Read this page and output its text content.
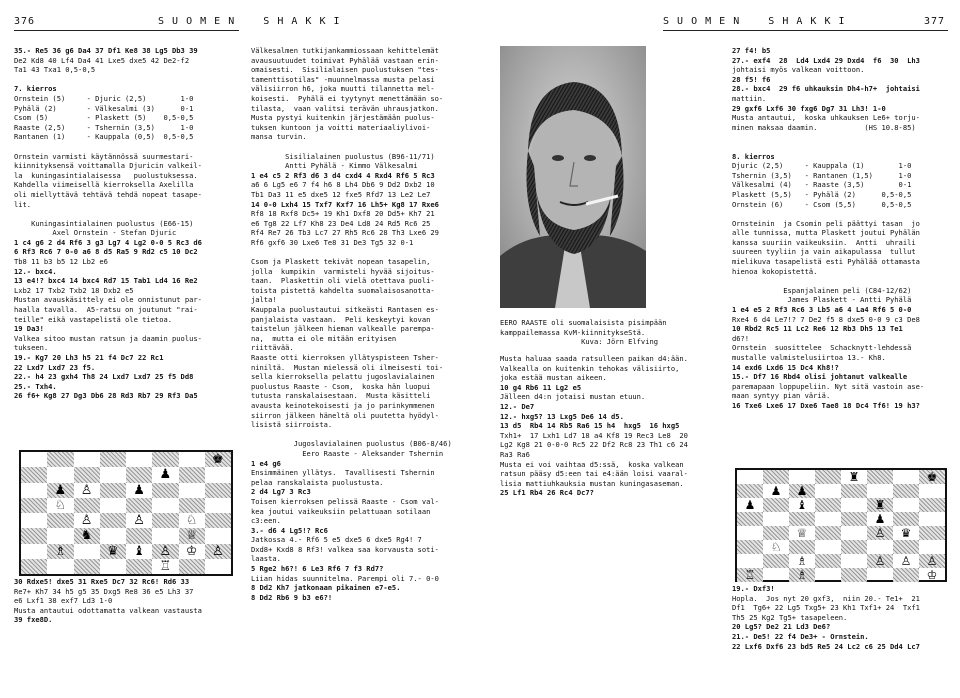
376	S U O M E N    S H A K K I	S U O M E N    S H A K K I	377
35.- Re5 36 g6 Da4 37 Df1 Ke8 38 Lg5 Db3 39
De2 Kd8 40 Lf4 Da4 41 Lxe5 dxe5 42 De2-f2
Ta1 43 Txa1 0,5-0,5
7. kierros
Ornstein (5)     - Djuric (2,5)        1-0
Pyhälä (2)       - Välkesalmi (3)      0-1
Csom (5)         - Plaskett (5)    0,5-0,5
Raaste (2,5)     - Tshernin (3,5)      1-0
Rantanen (1)     - Kauppala (0,5)  0,5-0,5
Ornstein varmisti käytännössä suurmestari-
kiinnityksensä voittamalla Djuricin valkeil-
la  kuningasintialaisessa   puolustuksessa.
Kahdella viimeisellä kierroksella Axelilla
oli miellyttävä tehtävä tehdä nopeat tasape-
lit.
Kuningasintialainen puolustus (E66-15)
Axel Ornstein - Stefan Djuric
1 c4 g6 2 d4 Rf6 3 g3 Lg7 4 Lg2 0-0 5 Rc3 d6
6 Rf3 Rc6 7 0-0 a6 8 d5 Ra5 9 Rd2 c5 10 Dc2
Tb8 11 b3 b5 12 Lb2 e6
12.- bxc4.
13 e4!? bxc4 14 bxc4 Rd7 15 Tab1 Ld4 16 Re2
Lxb2 17 Txb2 Txb2 18 Dxb2 e5
Mustan avauskäsittely ei ole onnistunut par-
haalla tavalla.  A5-ratsu on joutunut "rai-
teille" eikä vastapelistä ole tietoa.
19 Da3!
Valkea sitoo mustan ratsun ja daamin puolus-
tukseen.
19.- Kg7 20 Lh3 h5 21 f4 Dc7 22 Rc1
22 Lxd7 Lxd7 23 f5.
22.- h4 23 gxh4 Th8 24 Lxd7 Lxd7 25 f5 Dd8
25.- Txh4.
26 f6+ Kg8 27 Dg3 Db6 28 Rd3 Rb7 29 Rf3 Da5
♚
♟
♟ ♙	♟
♘
♙	♙	♘
♞	♕
♗	♛ ♝ ♙ ♔ ♙
♖
30 Rdxe5! dxe5 31 Rxe5 Dc7 32 Rc6! Rd6 33
Re7+ Kh7 34 h5 g5 35 Dxg5 Re8 36 e5 Lh3 37
e6 Lxf1 38 exf7 Ld3 1-0
Musta antautui odottamatta valkean vastausta
39 fxe8D.
Välkesalmen tutkijankammiossaan kehittelemät
avausuutuudet toimivat Pyhälää vastaan erin-
omaisesti.  Sisilialaisen puolustuksen "tes-
tamenttisotilas" -muunnelmassa musta pelasi
välisiirron h6, joka muutti tilannetta mel-
koisesti.  Pyhälä ei tyytynyt menettämään so-
tilasta,  vaan valitsi terävän uhrausjatkon.
Musta pystyi kuitenkin järjestämään puolus-
tuksen kuntoon ja voitti materiaaliylivoi-
mansa turvin.
Sisilialainen puolustus (B96-11/71)
Antti Pyhälä - Kimmo Välkesalmi
1 e4 c5 2 Rf3 d6 3 d4 cxd4 4 Rxd4 Rf6 5 Rc3
a6 6 Lg5 e6 7 f4 h6 8 Lh4 Db6 9 Dd2 Dxb2 10
Tb1 Da3 11 e5 dxe5 12 fxe5 Rfd7 13 Le2 Le7
14 0-0 Lxh4 15 Txf7 Kxf7 16 Lh5+ Kg8 17 Rxe6
Rf8 18 Rxf8 Dc5+ 19 Kh1 Dxf8 20 Dd5+ Kh7 21
e6 Tg8 22 Lf7 Kh8 23 De4 Ld8 24 Rd5 Rc6 25
Rf4 Re7 26 Tb3 Lc7 27 Rh5 Rc6 28 Th3 Lxe6 29
Rf6 gxf6 30 Lxe6 Te8 31 De3 Tg5 32 0-1
Csom ja Plaskett tekivät nopean tasapelin,
jolla  kumpikin  varmisteli hyvää sijoitus-
taan.  Plaskettin oli vielä otettava puoli-
toista pistettä kahdelta suomalaisosanotta-
jalta!
Kauppala puolustautui sitkeästi Rantasen es-
panjalaista vastaan.  Peli keskeytyi kovan
taistelun jälkeen hieman valkealle parempa-
na,  mutta ei ole mitään erityisen
riittävää.
Raaste otti kierroksen yllätyspisteen Tsher-
niniltä.  Mustan mielessä oli ilmeisesti toi-
sella kierroksella pelattu jugoslavialainen
puolustus Raaste - Csom,  koska hän luopui
tutusta ranskalaisestaan.  Musta käsitteli
avausta keinotekoisesti ja jo parinkymmenen
siirron jälkeen häneltä oli puutetta hyödyl-
lisistä siirroista.
Jugoslavialainen puolustus (B06-8/46)
Eero Raaste - Aleksander Tshernin
1 e4 g6
Ensimmäinen yllätys.  Tavallisesti Tshernin
pelaa ranskalaista puolustusta.
2 d4 Lg7 3 Rc3
Toisen kierroksen pelissä Raaste - Csom val-
kea joutui vaikeuksiin pelattuaan sotilaan
c3:een.
3.- d6 4 Lg5!? Rc6
Jatkossa 4.- Rf6 5 e5 dxe5 6 dxe5 Rg4! 7
Dxd8+ Kxd8 8 Rf3! valkea saa korvausta soti-
laasta.
5 Rge2 h6?! 6 Le3 Rf6 7 f3 Rd7?
Liian hidas suunnitelma. Parempi oli 7.- 0-0
8 Dd2 Kh7 jatkonaan pikainen e7-e5.
8 Dd2 Rb6 9 b3 e6?!
EERO RAASTE oli suomalaisista pisimpään
kamppailemassa KvM-kiinnitykseStä.
Kuva: Jörn Elfving
Musta haluaa saada ratsulleen paikan d4:ään.
Valkealla on kuitenkin tehokas välisiirto,
joka estää mustan aikeen.
10 g4 Rb6 11 Lg2 e5
Jälleen d4:n jotaisi mustan etuun.
12.- De7
12.- hxg5? 13 Lxg5 De6 14 d5.
13 d5  Rb4 14 Rb5 Ra6 15 h4  hxg5  16 hxg5
Txh1+  17 Lxh1 Ld7 18 a4 Kf8 19 Rec3 Le8  20
Lg2 Kg8 21 0-0-0 Rc5 22 Df2 Rc8 23 Th1 c6 24
Ra3 Ra6
Musta ei voi vaihtaa d5:ssä,  koska valkean
ratsun pääsy d5:een tai e4:ään loisi vaaral-
lisia mattiuhkauksia mustan kuningasaseman.
25 Lf1 Rb4 26 Rc4 Dc7?
27 f4! b5
27.- exf4  28  Ld4 Lxd4 29 Dxd4  f6  30  Lh3
johtaisi myös valkean voittoon.
28 f5! f6
28.- bxc4  29 f6 uhkauksin Dh4-h7+  johtaisi
mattiin.
29 gxf6 Lxf6 30 fxg6 Dg7 31 Lh3! 1-0
Musta antautui,  koska uhkauksen Le6+ torju-
minen maksaa daamin.           (HS 10.8-85)
8. kierros
Djuric (2,5)     - Kauppala (1)        1-0
Tshernin (3,5)   - Rantanen (1,5)      1-0
Välkesalmi (4)   - Raaste (3,5)        0-1
Plaskett (5,5)   - Pyhälä (2)      0,5-0,5
Ornstein (6)     - Csom (5,5)      0,5-0,5
Ornsteinin  ja Csomin peli päättyi tasan  jo
alle tunnissa, mutta Plaskett joutui Pyhälän
kanssa suuriin vaikeuksiin.  Antti  uhraili
suureen tyyliin ja vain aikapulassa  tullut
mielikuva tasapelistä esti Pyhälää ottamasta
hienoa kokopistettä.
Espanjalainen peli (C84-12/62)
James Plaskett - Antti Pyhälä
1 e4 e5 2 Rf3 Rc6 3 Lb5 a6 4 La4 Rf6 5 0-0
Rxe4 6 d4 Le7!? 7 De2 f5 8 dxe5 0-0 9 c3 De8
10 Rbd2 Rc5 11 Lc2 Re6 12 Rb3 Dh5 13 Te1
d6?!
Ornstein  suosittelee  Schacknytt-lehdessä
mustalle valmistelusiirtoa 13.- Kh8.
14 exd6 Lxd6 15 Dc4 Kh8!?
15.- Df7 16 Rbd4 olisi johtanut valkealle
paremapaan loppupeliin. Nyt sitä vastoin ase-
maan syntyy pian väriä.
16 Txe6 Lxe6 17 Dxe6 Tae8 18 Dc4 Tf6! 19 h3?
♜	♚
♟ ♟
♟	♝	♜
♟
♕	♙ ♛
♘
♗	♙ ♙ ♙
♖	♗	♔
19.- Dxf3!
Hopla.  Jos nyt 20 gxf3,  niin 20.- Te1+  21
Df1  Tg6+ 22 Lg5 Txg5+ 23 Kh1 Txf1+ 24  Txf1
Th5 25 Kg2 Tg5+ tasapeleen.
20 Lg5? De2 21 Ld3 De6?
21.- De5! 22 f4 De3+ - Ornstein.
22 Lxf6 Dxf6 23 bd5 Re5 24 Lc2 c6 25 Dd4 Lc7
